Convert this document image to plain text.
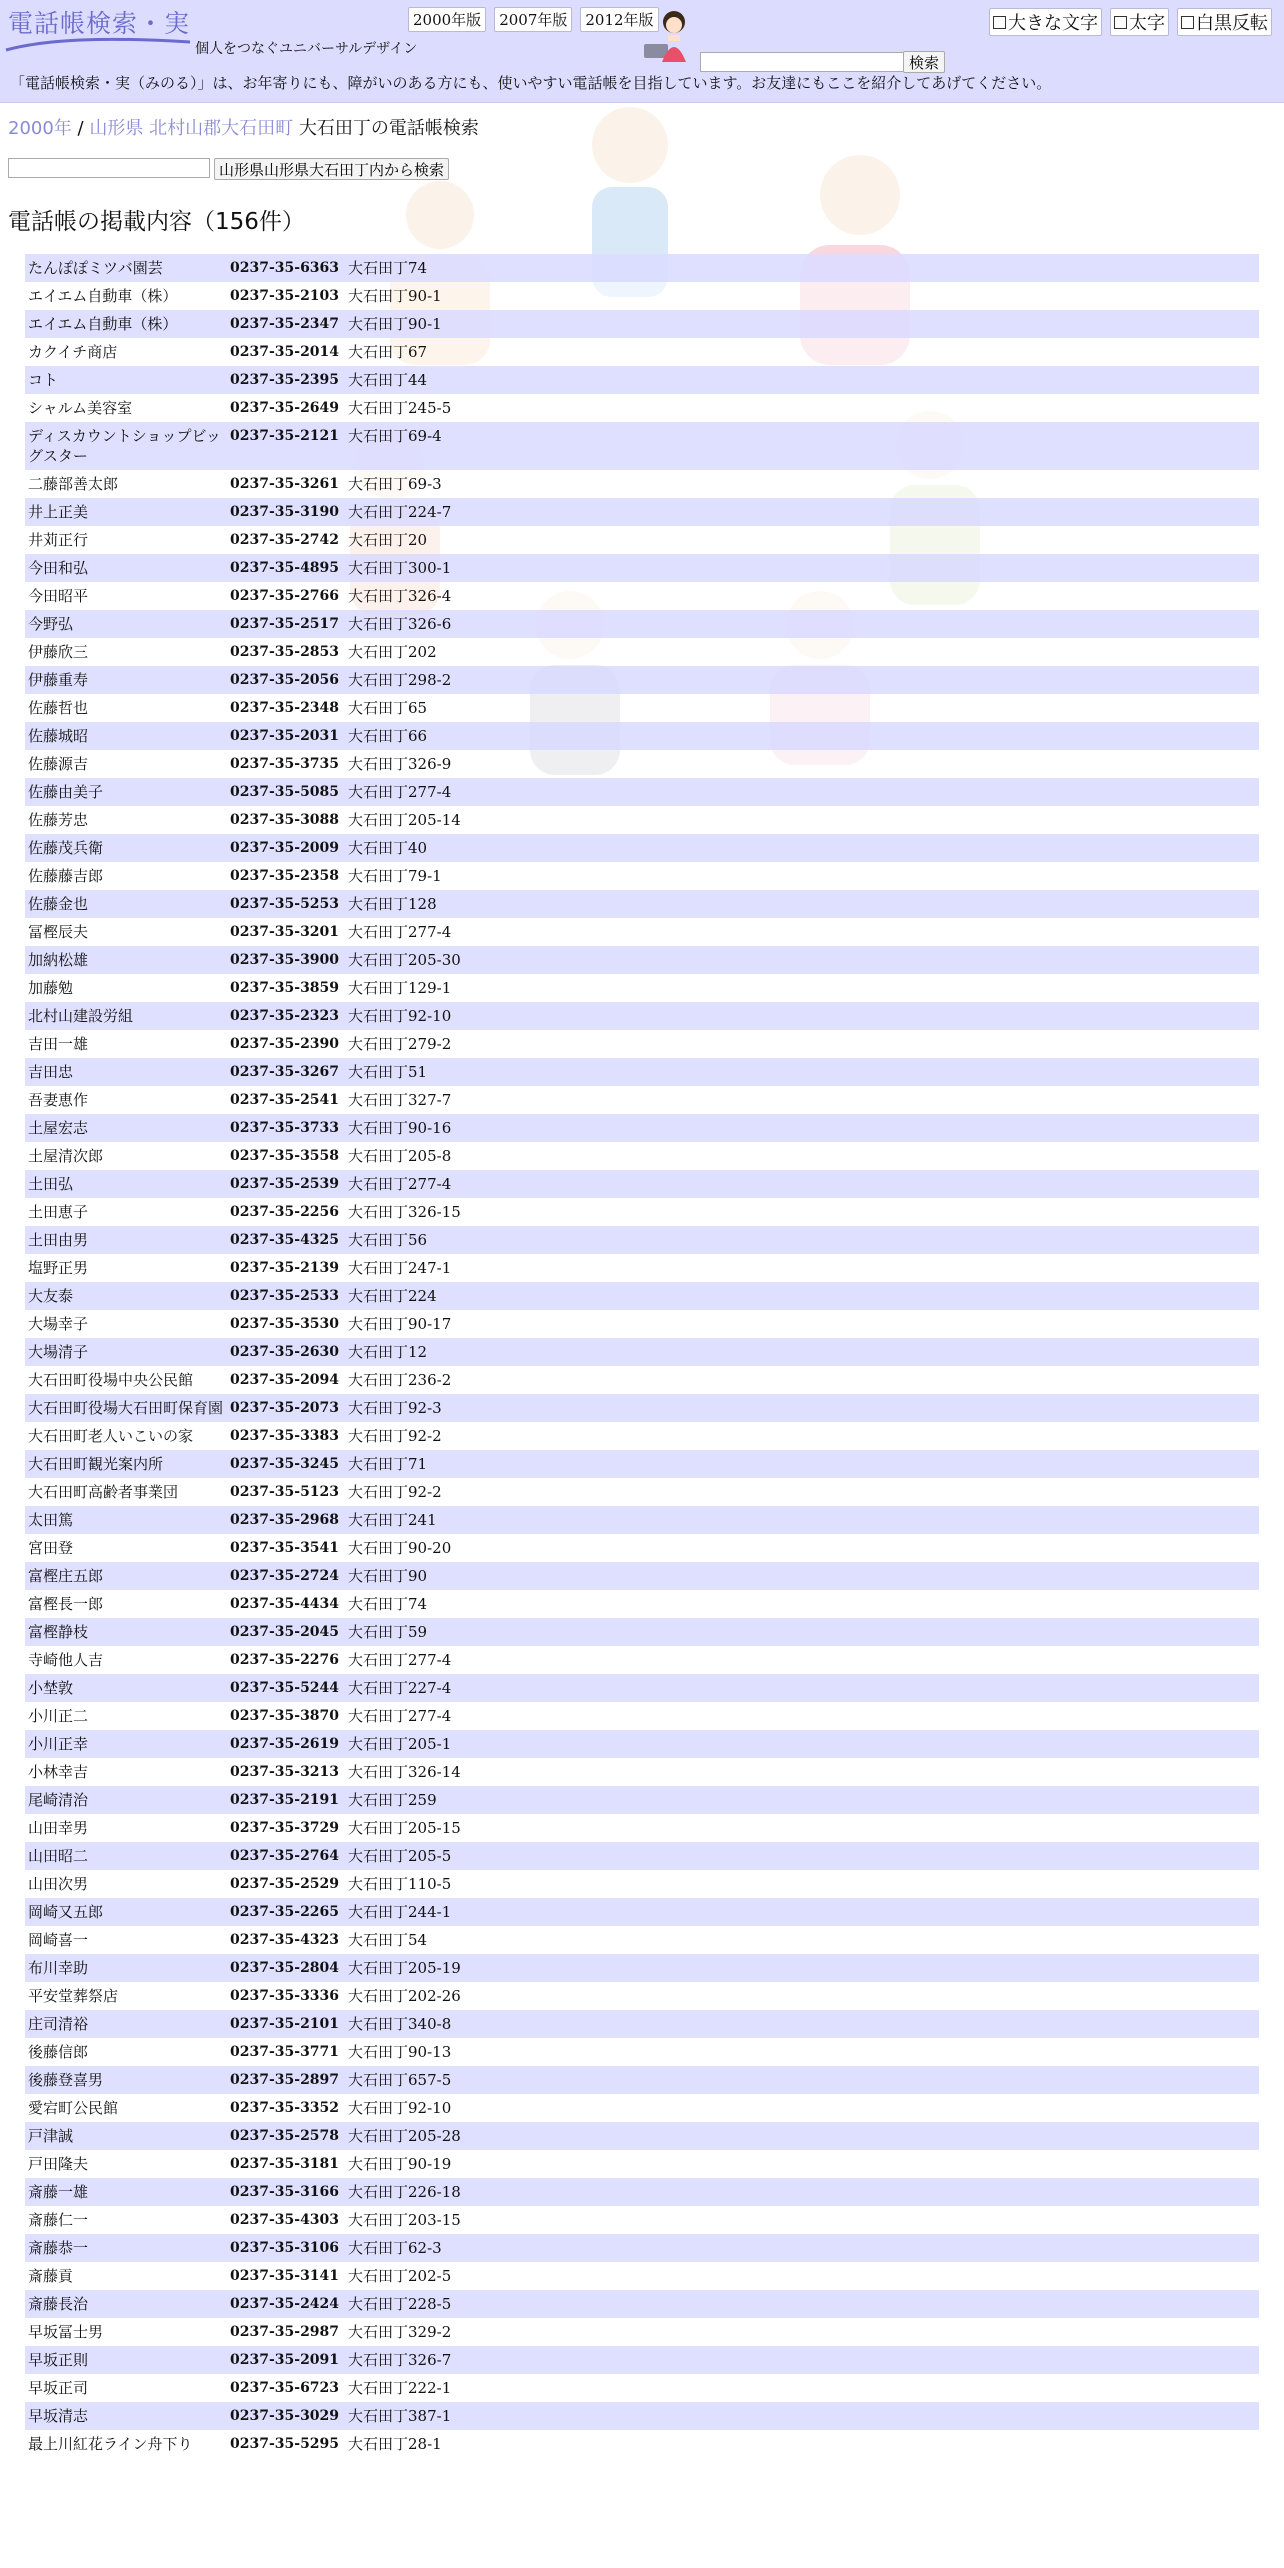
電話帳検索・実
個人をつなぐユニバーサルデザイン
2000年版	2007年版	2012年版
検索
大きな文字 太字 白黒反転
「電話帳検索・実（みのる）」は、お年寄りにも、障がいのある方にも、使いやすい電話帳を目指しています。お友達にもここを紹介してあげてください。
2000年 / 山形県 北村山郡大石田町 大石田丁の電話帳検索
山形県山形県大石田丁内から検索
電話帳の掲載内容（156件）
たんぽぽミツバ園芸	0237-35-6363	大石田丁74
エイエム自動車（株）	0237-35-2103	大石田丁90-1
エイエム自動車（株）	0237-35-2347	大石田丁90-1
カクイチ商店	0237-35-2014	大石田丁67
コト	0237-35-2395	大石田丁44
シャルム美容室	0237-35-2649	大石田丁245-5
ディスカウントショップビッグスター	0237-35-2121	大石田丁69-4
二藤部善太郎	0237-35-3261	大石田丁69-3
井上正美	0237-35-3190	大石田丁224-7
井苅正行	0237-35-2742	大石田丁20
今田和弘	0237-35-4895	大石田丁300-1
今田昭平	0237-35-2766	大石田丁326-4
今野弘	0237-35-2517	大石田丁326-6
伊藤欣三	0237-35-2853	大石田丁202
伊藤重寿	0237-35-2056	大石田丁298-2
佐藤哲也	0237-35-2348	大石田丁65
佐藤城昭	0237-35-2031	大石田丁66
佐藤源吉	0237-35-3735	大石田丁326-9
佐藤由美子	0237-35-5085	大石田丁277-4
佐藤芳忠	0237-35-3088	大石田丁205-14
佐藤茂兵衛	0237-35-2009	大石田丁40
佐藤藤吉郎	0237-35-2358	大石田丁79-1
佐藤金也	0237-35-5253	大石田丁128
冨樫辰夫	0237-35-3201	大石田丁277-4
加納松雄	0237-35-3900	大石田丁205-30
加藤勉	0237-35-3859	大石田丁129-1
北村山建設労組	0237-35-2323	大石田丁92-10
吉田一雄	0237-35-2390	大石田丁279-2
吉田忠	0237-35-3267	大石田丁51
吾妻恵作	0237-35-2541	大石田丁327-7
土屋宏志	0237-35-3733	大石田丁90-16
土屋清次郎	0237-35-3558	大石田丁205-8
土田弘	0237-35-2539	大石田丁277-4
土田恵子	0237-35-2256	大石田丁326-15
土田由男	0237-35-4325	大石田丁56
塩野正男	0237-35-2139	大石田丁247-1
大友泰	0237-35-2533	大石田丁224
大場幸子	0237-35-3530	大石田丁90-17
大場清子	0237-35-2630	大石田丁12
大石田町役場中央公民館	0237-35-2094	大石田丁236-2
大石田町役場大石田町保育園	0237-35-2073	大石田丁92-3
大石田町老人いこいの家	0237-35-3383	大石田丁92-2
大石田町観光案内所	0237-35-3245	大石田丁71
大石田町高齢者事業団	0237-35-5123	大石田丁92-2
太田篤	0237-35-2968	大石田丁241
宮田登	0237-35-3541	大石田丁90-20
富樫庄五郎	0237-35-2724	大石田丁90
富樫長一郎	0237-35-4434	大石田丁74
富樫静枝	0237-35-2045	大石田丁59
寺崎他人吉	0237-35-2276	大石田丁277-4
小埜敦	0237-35-5244	大石田丁227-4
小川正二	0237-35-3870	大石田丁277-4
小川正幸	0237-35-2619	大石田丁205-1
小林幸吉	0237-35-3213	大石田丁326-14
尾崎清治	0237-35-2191	大石田丁259
山田幸男	0237-35-3729	大石田丁205-15
山田昭二	0237-35-2764	大石田丁205-5
山田次男	0237-35-2529	大石田丁110-5
岡崎又五郎	0237-35-2265	大石田丁244-1
岡崎喜一	0237-35-4323	大石田丁54
布川幸助	0237-35-2804	大石田丁205-19
平安堂葬祭店	0237-35-3336	大石田丁202-26
庄司清裕	0237-35-2101	大石田丁340-8
後藤信郎	0237-35-3771	大石田丁90-13
後藤登喜男	0237-35-2897	大石田丁657-5
愛宕町公民館	0237-35-3352	大石田丁92-10
戸津誠	0237-35-2578	大石田丁205-28
戸田隆夫	0237-35-3181	大石田丁90-19
斎藤一雄	0237-35-3166	大石田丁226-18
斎藤仁一	0237-35-4303	大石田丁203-15
斎藤恭一	0237-35-3106	大石田丁62-3
斎藤貢	0237-35-3141	大石田丁202-5
斎藤長治	0237-35-2424	大石田丁228-5
早坂冨士男	0237-35-2987	大石田丁329-2
早坂正則	0237-35-2091	大石田丁326-7
早坂正司	0237-35-6723	大石田丁222-1
早坂清志	0237-35-3029	大石田丁387-1
最上川紅花ライン舟下り	0237-35-5295	大石田丁28-1
